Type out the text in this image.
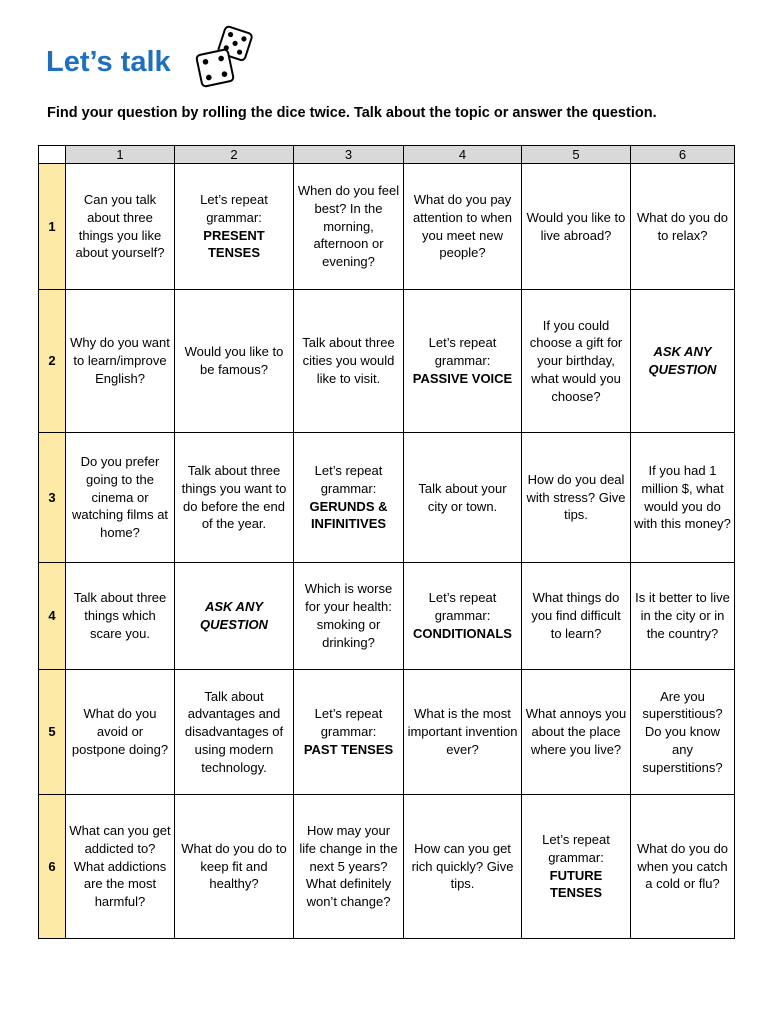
Let’s talk

Find your question by rolling the dice twice. Talk about the topic or answer the question.

	1	2	3	4	5	6
1	Can you talk about three things you like about yourself?	Let’s repeat grammar:
PRESENT TENSES	When do you feel best? In the morning, afternoon or evening?	What do you pay attention to when you meet new people?	Would you like to live abroad?	What do you do to relax?

2	Why do you want to learn/improve English?	Would you like to be famous?	Talk about three cities you would like to visit.	Let’s repeat grammar:
PASSIVE VOICE	If you could choose a gift for your birthday, what would you choose?	ASK ANY QUESTION
3	Do you prefer going to the cinema or watching films at home?	Talk about three things you want to do before the end of the year.	Let’s repeat grammar:
GERUNDS & INFINITIVES	Talk about your city or town.	How do you deal with stress? Give tips.	If you had 1 million $, what would you do with this money?

4	Talk about three things which scare you.	ASK ANY QUESTION	Which is worse for your health: smoking or drinking?	Let’s repeat grammar:
CONDITIONALS	What things do you find difficult to learn?	Is it better to live in the city or in the country?

5	What do you avoid or postpone doing?	Talk about advantages and disadvantages of using modern technology.	Let’s repeat grammar:
PAST TENSES	What is the most important invention ever?	What annoys you about the place where you live?	Are you superstitious? Do you know any superstitions?

6	What can you get addicted to? What addictions are the most harmful?	What do you do to keep fit and healthy?	How may your life change in the next 5 years? What definitely won’t change?	How can you get rich quickly? Give tips.	Let’s repeat grammar:
FUTURE TENSES	What do you do when you catch a cold or flu?
